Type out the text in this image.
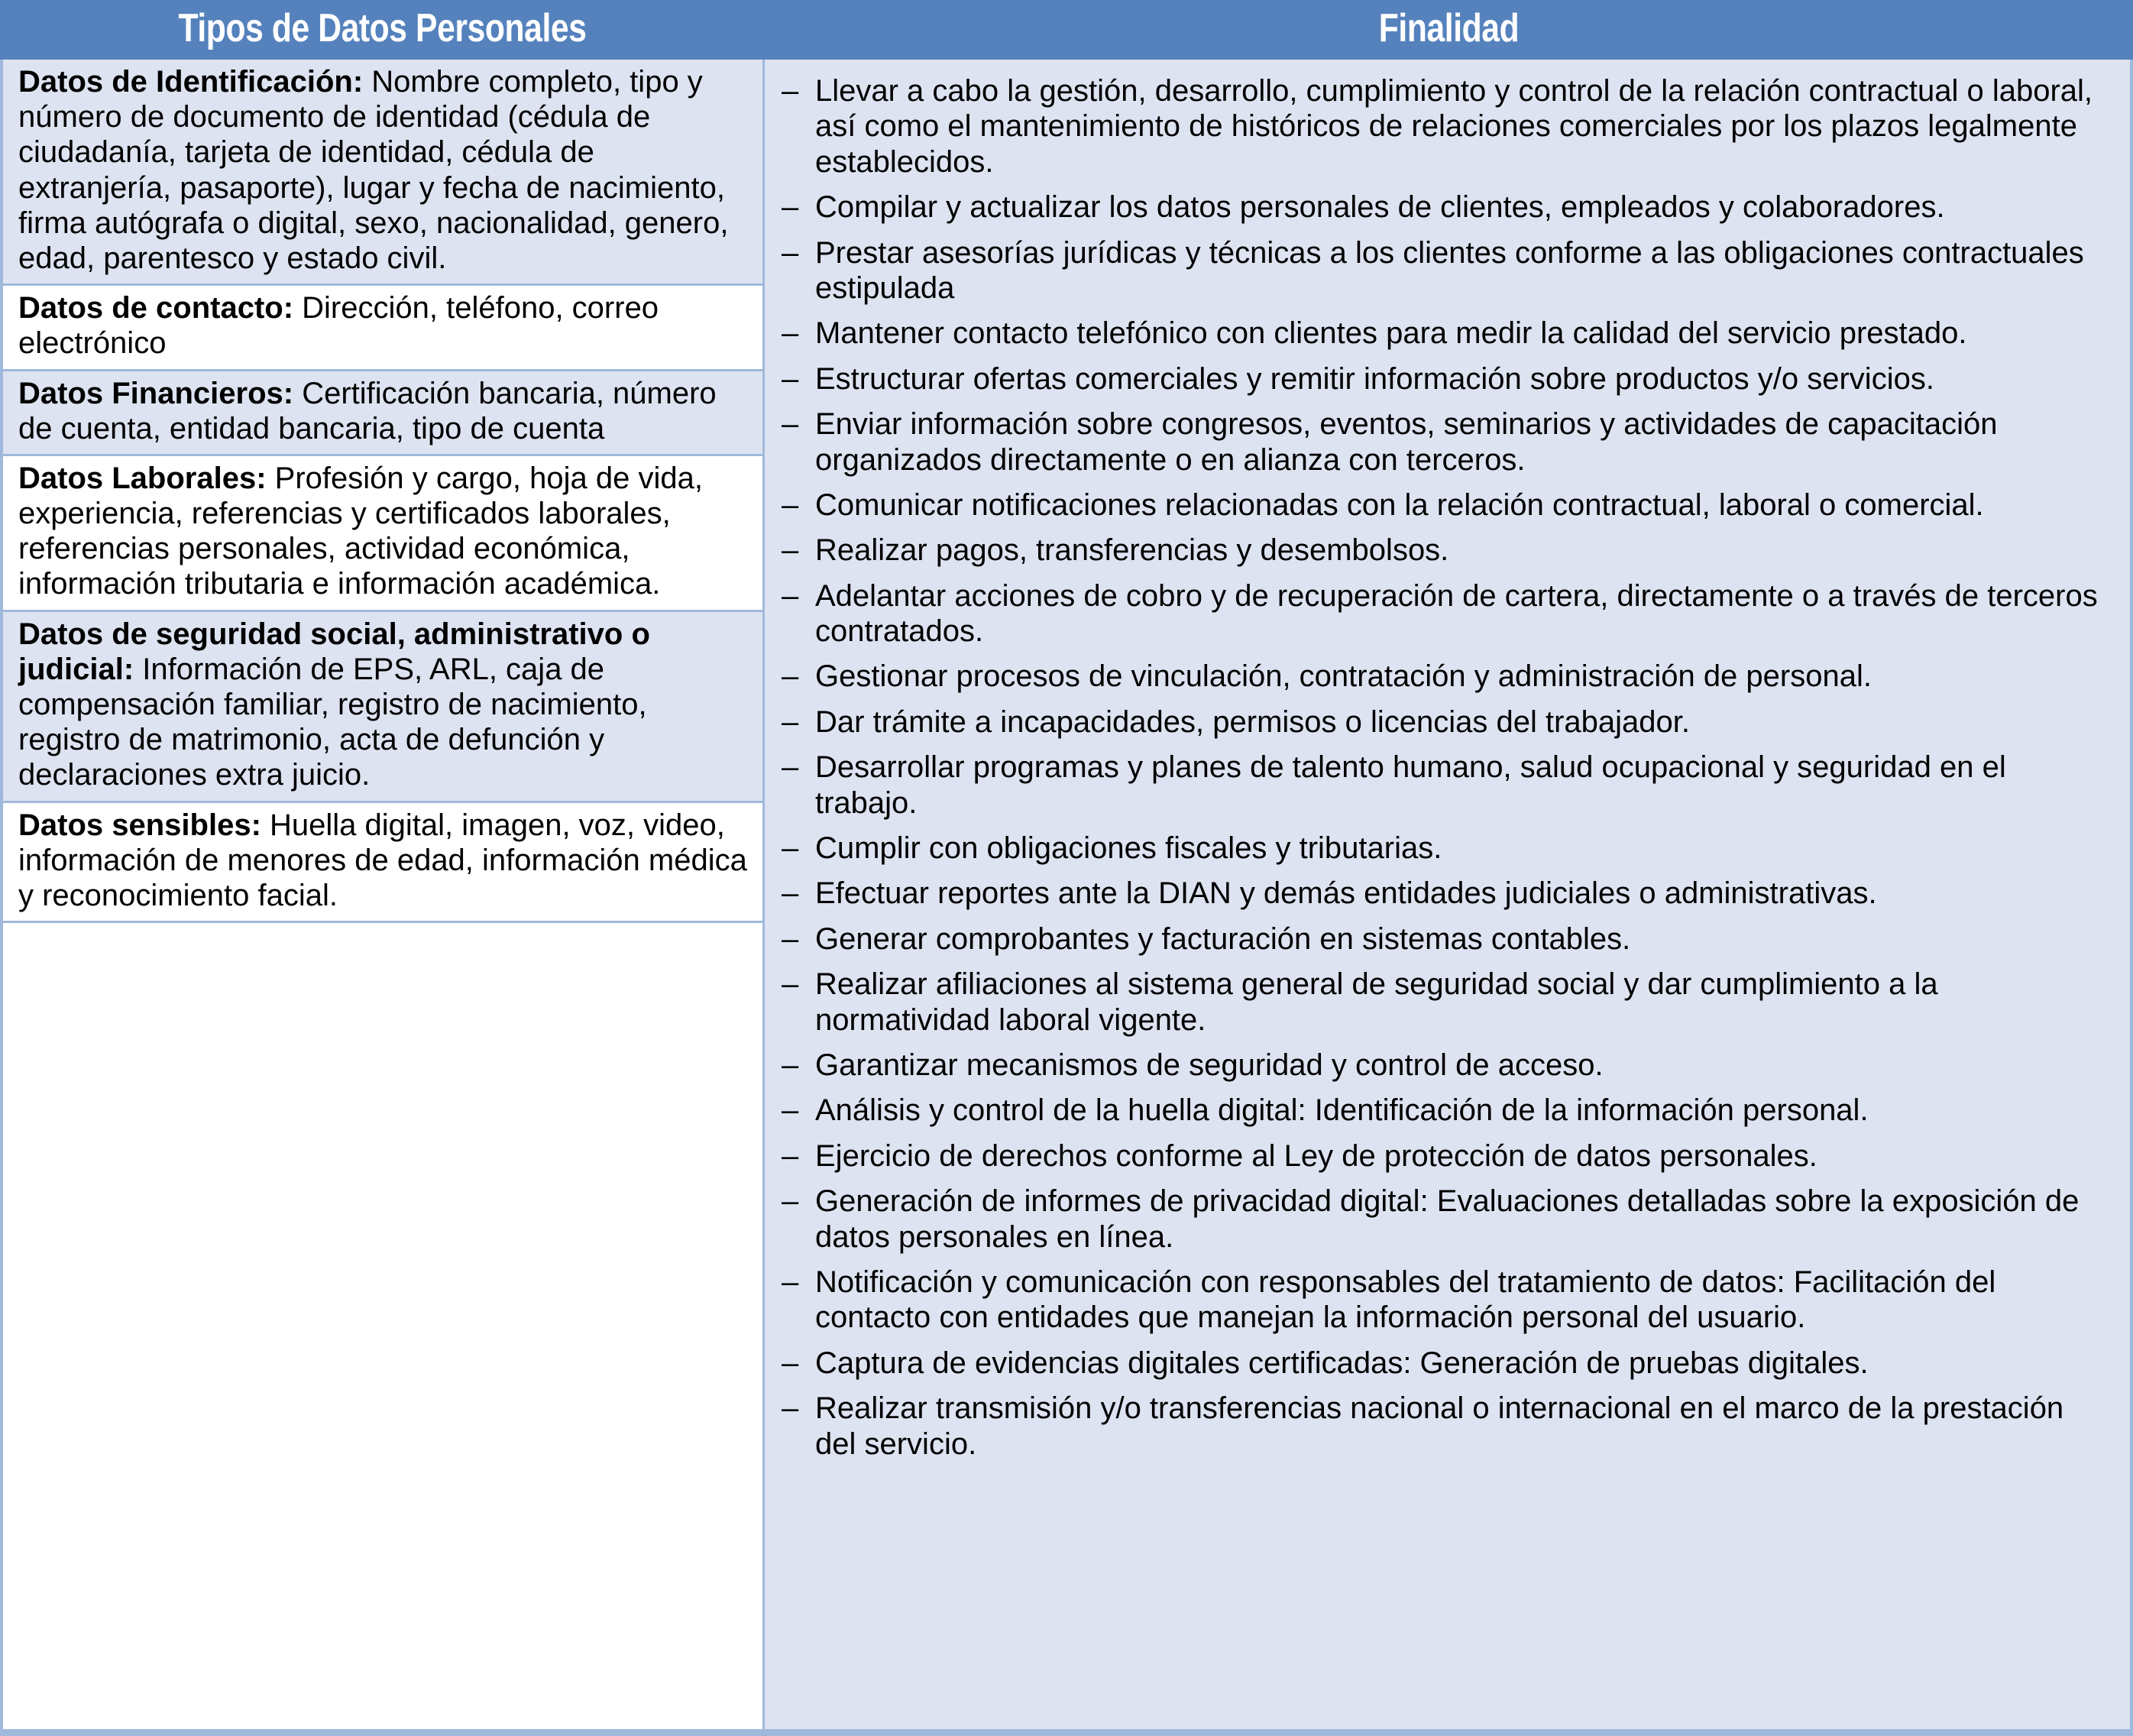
Tipos de Datos Personales	Finalidad
Datos de Identificación: Nombre completo, tipo y número de documento de identidad (cédula de ciudadanía, tarjeta de identidad, cédula de extranjería, pasaporte), lugar y fecha de nacimiento, firma autógrafa o digital, sexo, nacionalidad, genero, edad, parentesco y estado civil.
Datos de contacto: Dirección, teléfono, correo electrónico
Datos Financieros: Certificación bancaria, número de cuenta, entidad bancaria, tipo de cuenta
Datos Laborales: Profesión y cargo, hoja de vida, experiencia, referencias y certificados laborales, referencias personales, actividad económica, información tributaria e información académica.
Datos de seguridad social, administrativo o judicial: Información de EPS, ARL, caja de compensación familiar, registro de nacimiento, registro de matrimonio, acta de defunción y declaraciones extra juicio.
Datos sensibles: Huella digital, imagen, voz, video, información de menores de edad, información médica y reconocimiento facial.
– Llevar a cabo la gestión, desarrollo, cumplimiento y control de la relación contractual o laboral, así como el mantenimiento de históricos de relaciones comerciales por los plazos legalmente establecidos.
– Compilar y actualizar los datos personales de clientes, empleados y colaboradores.
– Prestar asesorías jurídicas y técnicas a los clientes conforme a las obligaciones contractuales estipulada
– Mantener contacto telefónico con clientes para medir la calidad del servicio prestado.
– Estructurar ofertas comerciales y remitir información sobre productos y/o servicios.
– Enviar información sobre congresos, eventos, seminarios y actividades de capacitación organizados directamente o en alianza con terceros.
– Comunicar notificaciones relacionadas con la relación contractual, laboral o comercial.
– Realizar pagos, transferencias y desembolsos.
– Adelantar acciones de cobro y de recuperación de cartera, directamente o a través de terceros contratados.
– Gestionar procesos de vinculación, contratación y administración de personal.
– Dar trámite a incapacidades, permisos o licencias del trabajador.
– Desarrollar programas y planes de talento humano, salud ocupacional y seguridad en el trabajo.
– Cumplir con obligaciones fiscales y tributarias.
– Efectuar reportes ante la DIAN y demás entidades judiciales o administrativas.
– Generar comprobantes y facturación en sistemas contables.
– Realizar afiliaciones al sistema general de seguridad social y dar cumplimiento a la normatividad laboral vigente.
– Garantizar mecanismos de seguridad y control de acceso.
– Análisis y control de la huella digital: Identificación de la información personal.
– Ejercicio de derechos conforme al Ley de protección de datos personales.
– Generación de informes de privacidad digital: Evaluaciones detalladas sobre la exposición de datos personales en línea.
– Notificación y comunicación con responsables del tratamiento de datos: Facilitación del contacto con entidades que manejan la información personal del usuario.
– Captura de evidencias digitales certificadas: Generación de pruebas digitales.
– Realizar transmisión y/o transferencias nacional o internacional en el marco de la prestación del servicio.
